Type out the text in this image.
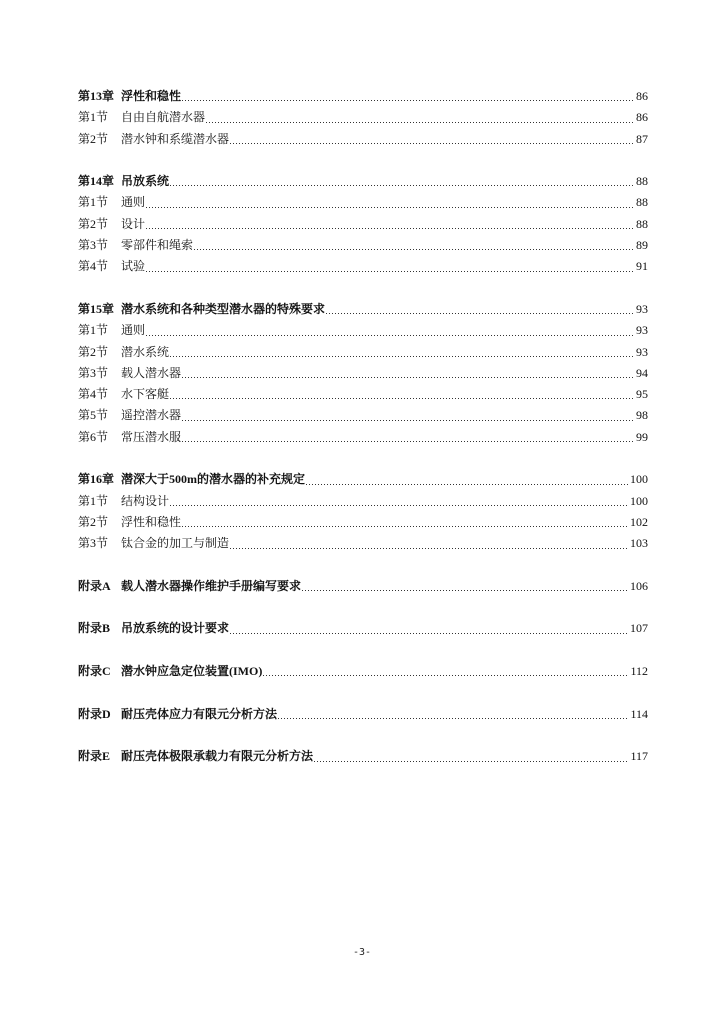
第13章 浮性和稳性	86
第1节	自由自航潜水器	86
第2节	潜水钟和系缆潜水器	87
第14章 吊放系统	88
第1节	通则	88
第2节	设计	88
第3节	零部件和绳索	89
第4节	试验	91
第15章 潜水系统和各种类型潜水器的特殊要求	93
第1节	通则	93
第2节	潜水系统	93
第3节	载人潜水器	94
第4节	水下客艇	95
第5节	遥控潜水器	98
第6节	常压潜水服	99
第16章 潜深大于500m的潜水器的补充规定	100
第1节	结构设计	100
第2节	浮性和稳性	102
第3节	钛合金的加工与制造	103
附录A 载人潜水器操作维护手册编写要求	106
附录B 吊放系统的设计要求	107
附录C 潜水钟应急定位装置(IMO)	112
附录D 耐压壳体应力有限元分析方法	114
附录E 耐压壳体极限承载力有限元分析方法	117
-3-
